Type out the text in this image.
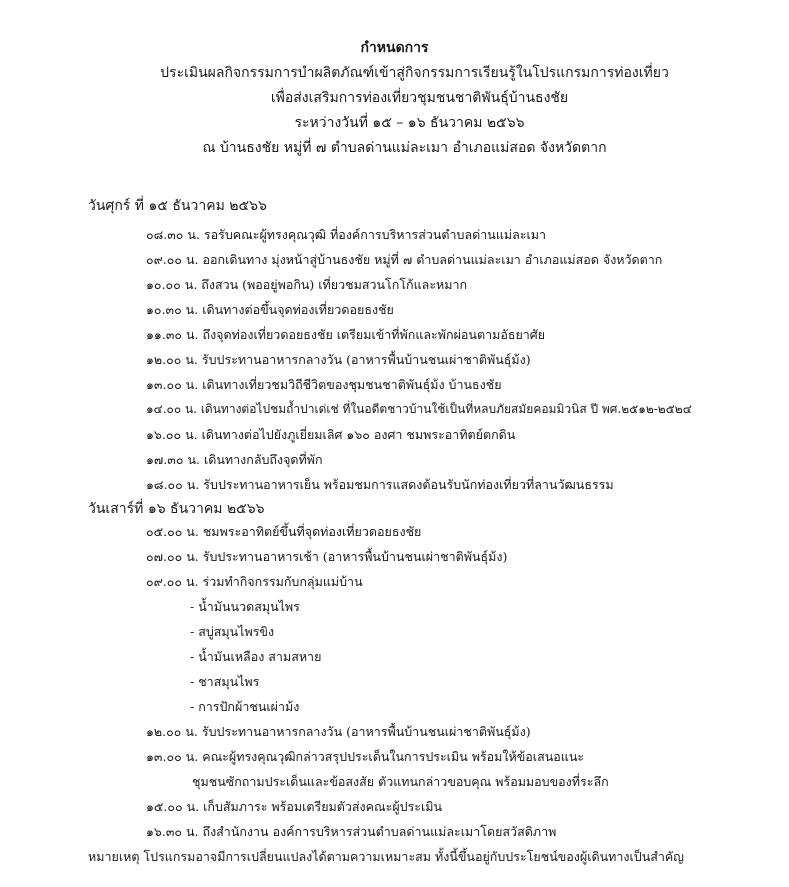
กำหนดการ
ประเมินผลกิจกรรมการบำผลิตภัณฑ์เข้าสู่กิจกรรมการเรียนรู้ในโปรแกรมการท่องเที่ยว
เพื่อส่งเสริมการท่องเที่ยวชุมชนชาติพันธุ์บ้านธงชัย
ระหว่างวันที่ ๑๕ – ๑๖ ธันวาคม ๒๕๖๖
ณ บ้านธงชัย หมู่ที่ ๗ ตำบลด่านแม่ละเมา อำเภอแม่สอด จังหวัดตาก
วันศุกร์ ที่ ๑๕ ธันวาคม ๒๕๖๖
๐๘.๓๐ น. รอรับคณะผู้ทรงคุณวุฒิ ที่องค์การบริหารส่วนตำบลด่านแม่ละเมา
๐๙.๐๐ น. ออกเดินทาง มุ่งหน้าสู่บ้านธงชัย หมู่ที่ ๗ ตำบลด่านแม่ละเมา อำเภอแม่สอด จังหวัดตาก
๑๐.๐๐ น. ถึงสวน (พออยู่พอกิน) เที่ยวชมสวนโกโก้และหมาก
๑๐.๓๐ น. เดินทางต่อขึ้นจุดท่องเที่ยวดอยธงชัย
๑๑.๓๐ น. ถึงจุดท่องเที่ยวดอยธงชัย เตรียมเข้าที่พักและพักผ่อนตามอัธยาศัย
๑๒.๐๐ น. รับประทานอาหารกลางวัน (อาหารพื้นบ้านชนเผ่าชาติพันธุ์ม้ง)
๑๓.๐๐ น. เดินทางเที่ยวชมวิถีชีวิตของชุมชนชาติพันธุ์ม้ง บ้านธงชัย
๑๔.๐๐ น. เดินทางต่อไปชมถ้ำปาเด่เช่ ที่ในอดีตชาวบ้านใช้เป็นที่หลบภัยสมัยคอมมิวนิส ปี พศ.๒๕๑๒-๒๕๒๔
๑๖.๐๐ น. เดินทางต่อไปยังภูเยี่ยมเลิศ ๑๖๐ องศา ชมพระอาทิตย์ตกดิน
๑๗.๓๐ น. เดินทางกลับถึงจุดที่พัก
๑๘.๐๐ น. รับประทานอาหารเย็น พร้อมชมการแสดงต้อนรับนักท่องเที่ยวที่ลานวัฒนธรรม
วันเสาร์ที่ ๑๖ ธันวาคม ๒๕๖๖
๐๕.๐๐ น. ชมพระอาทิตย์ขึ้นที่จุดท่องเที่ยวดอยธงชัย
๐๗.๐๐ น. รับประทานอาหารเช้า (อาหารพื้นบ้านชนเผ่าชาติพันธุ์ม้ง)
๐๙.๐๐ น. ร่วมทำกิจกรรมกับกลุ่มแม่บ้าน
- น้ำมันนวดสมุนไพร
- สบู่สมุนไพรขิง
- น้ำมันเหลือง สามสหาย
- ชาสมุนไพร
- การปักผ้าชนเผ่าม้ง
๑๒.๐๐ น. รับประทานอาหารกลางวัน (อาหารพื้นบ้านชนเผ่าชาติพันธุ์ม้ง)
๑๓.๐๐ น. คณะผู้ทรงคุณวุฒิกล่าวสรุปประเด็นในการประเมิน พร้อมให้ข้อเสนอแนะ
ชุมชนซักถามประเด็นและข้อสงสัย ตัวแทนกล่าวขอบคุณ พร้อมมอบของที่ระลึก
๑๕.๐๐ น. เก็บสัมภาระ พร้อมเตรียมตัวส่งคณะผู้ประเมิน
๑๖.๓๐ น. ถึงสำนักงาน องค์การบริหารส่วนตำบลด่านแม่ละเมาโดยสวัสดิภาพ
หมายเหตุ โปรแกรมอาจมีการเปลี่ยนแปลงได้ตามความเหมาะสม ทั้งนี้ขึ้นอยู่กับประโยชน์ของผู้เดินทางเป็นสำคัญ
